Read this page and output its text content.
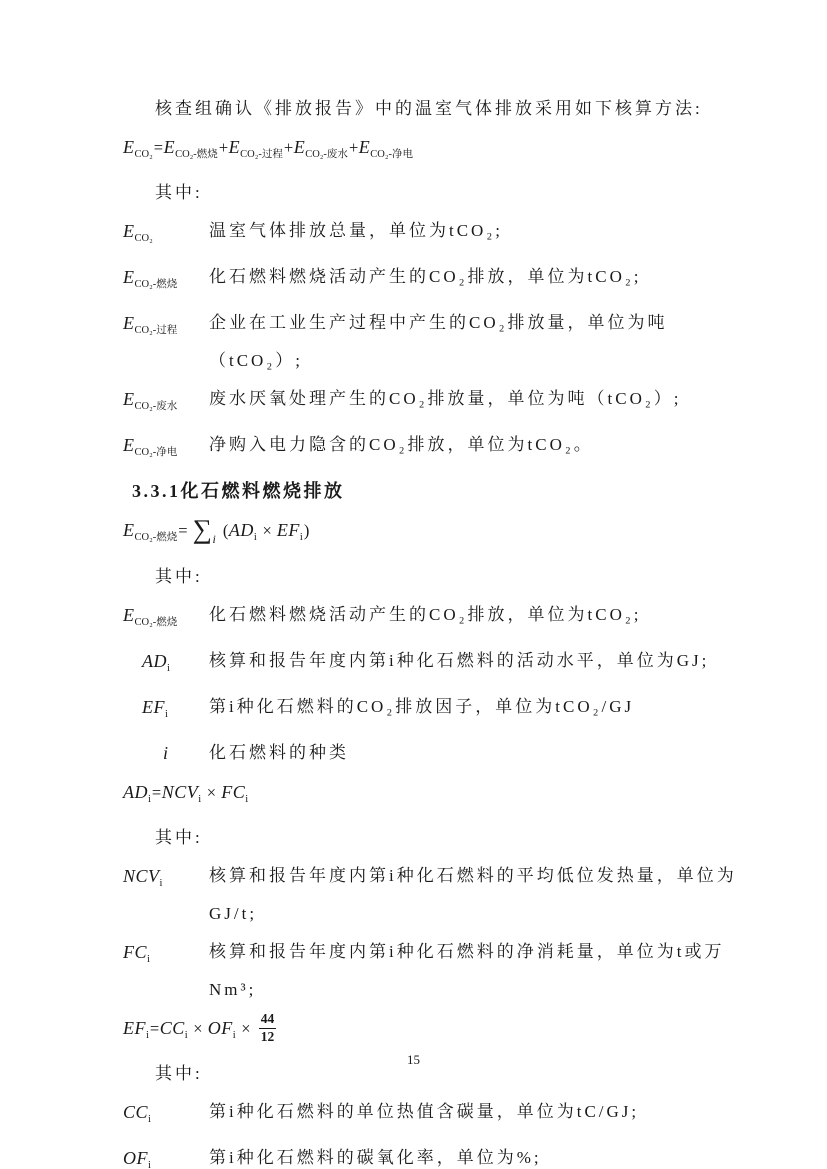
核查组确认《排放报告》中的温室气体排放采用如下核算方法:
$E_{CO_2}=E_{CO_2-燃烧}+E_{CO_2-过程}+E_{CO_2-废水}+E_{CO_2-净电}$
其中:
$E_{CO_2}$	温室气体排放总量，单位为tCO₂;
$E_{CO_2-燃烧}$	化石燃料燃烧活动产生的CO₂排放，单位为tCO₂;
$E_{CO_2-过程}$	企业在工业生产过程中产生的CO₂排放量，单位为吨（tCO₂）;
$E_{CO_2-废水}$	废水厌氧处理产生的CO₂排放量，单位为吨（tCO₂）;
$E_{CO_2-净电}$	净购入电力隐含的CO₂排放，单位为tCO₂。
3.3.1化石燃料燃烧排放
$E_{CO_2-燃烧}= \sum_i$ $(AD_i \times EF_i)$
其中:
$E_{CO_2-燃烧}$	化石燃料燃烧活动产生的CO₂排放，单位为tCO₂;
$AD_i$	核算和报告年度内第i种化石燃料的活动水平，单位为GJ;
$EF_i$	第i种化石燃料的CO₂排放因子，单位为tCO₂/GJ
i	化石燃料的种类
$AD_i=NCV_i \times FC_i$
其中:
$NCV_i$	核算和报告年度内第i种化石燃料的平均低位发热量，单位为GJ/t;
$FC_i$	核算和报告年度内第i种化石燃料的净消耗量，单位为t或万Nm³;
$EF_i=CC_i \times OF_i \times \frac{44}{12}$
其中:
$CC_i$	第i种化石燃料的单位热值含碳量，单位为tC/GJ;
$OF_i$	第i种化石燃料的碳氧化率，单位为%;
15
